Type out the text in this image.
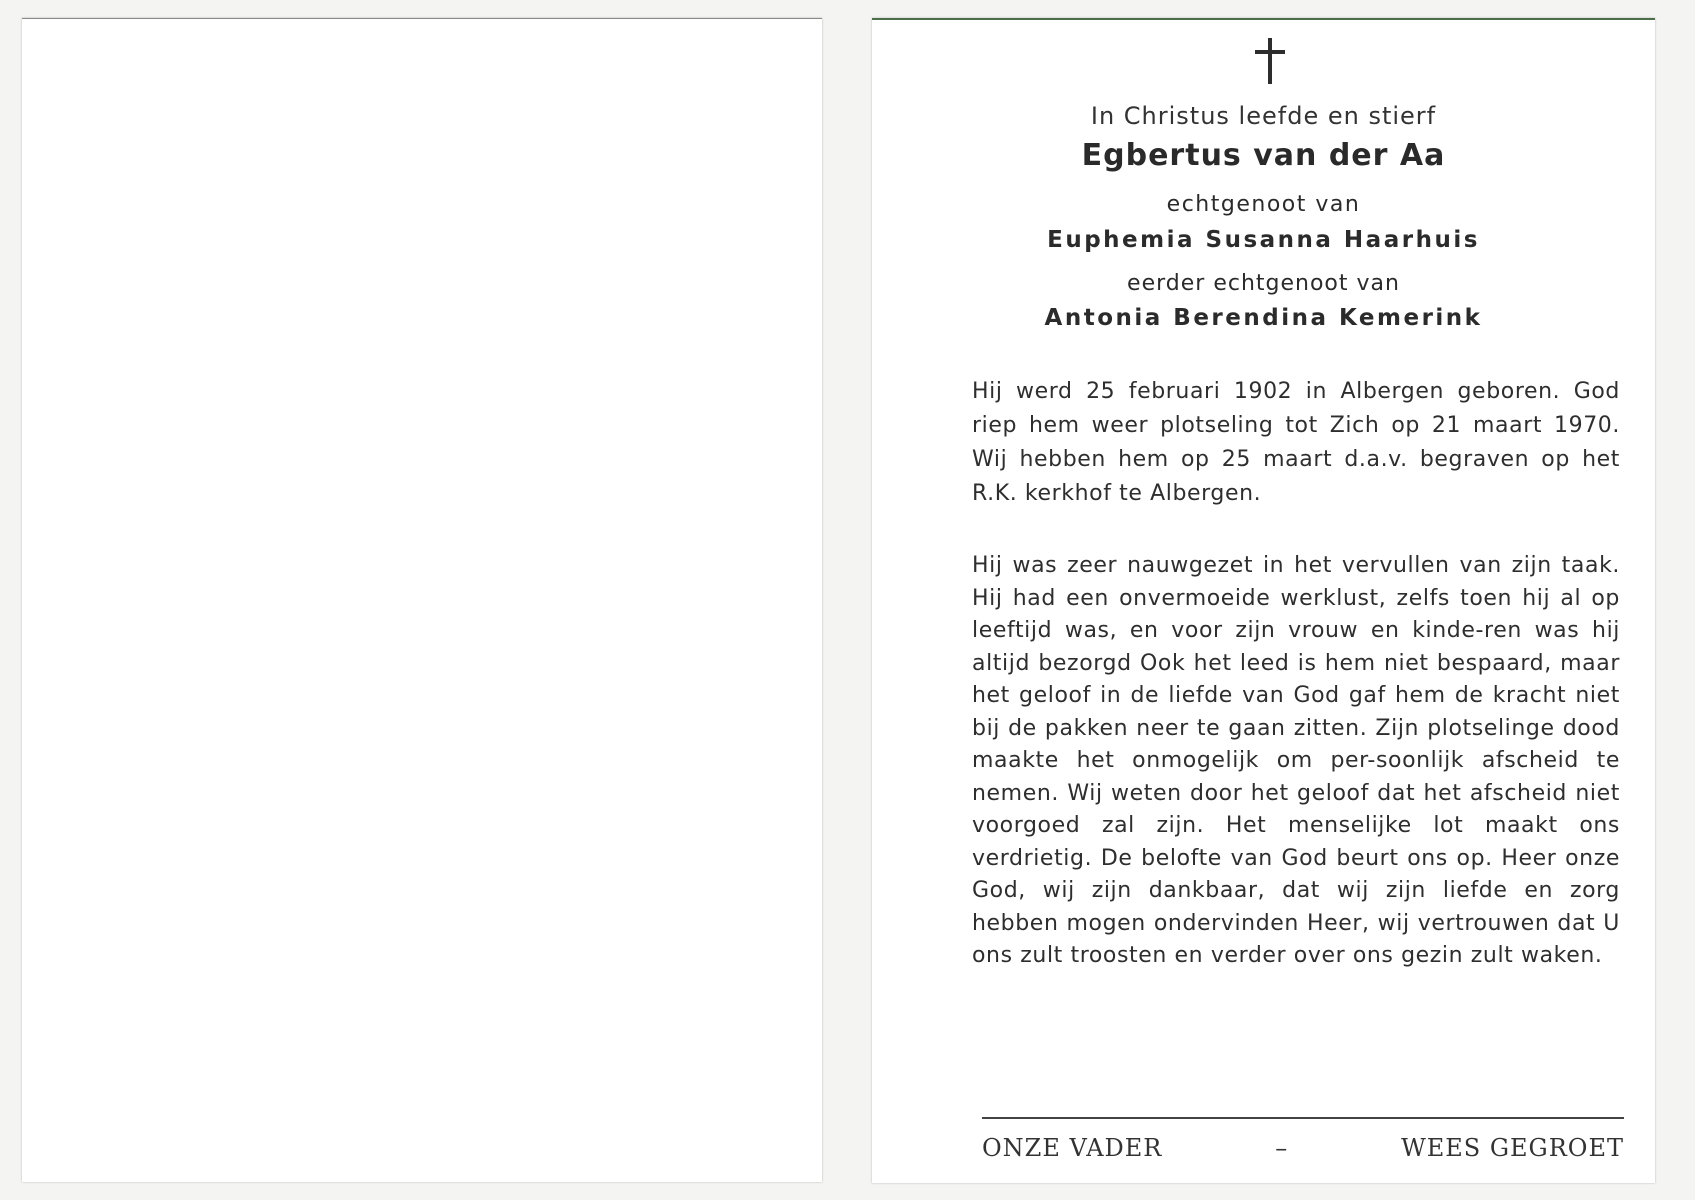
In Christus leefde en stierf
Egbertus van der Aa
echtgenoot van
Euphemia Susanna Haarhuis
eerder echtgenoot van
Antonia Berendina Kemerink
Hij werd 25 februari 1902 in Albergen geboren. God riep hem weer plotseling tot Zich op 21 maart 1970. Wij hebben hem op 25 maart d.a.v. begraven op het R.K. kerkhof te Albergen.
Hij was zeer nauwgezet in het vervullen van zijn taak. Hij had een onvermoeide werklust, zelfs toen hij al op leeftijd was, en voor zijn vrouw en kinde-ren was hij altijd bezorgd Ook het leed is hem niet bespaard, maar het geloof in de liefde van God gaf hem de kracht niet bij de pakken neer te gaan zitten. Zijn plotselinge dood maakte het onmogelijk om per-soonlijk afscheid te nemen. Wij weten door het geloof dat het afscheid niet voorgoed zal zijn. Het menselijke lot maakt ons verdrietig. De belofte van God beurt ons op. Heer onze God, wij zijn dankbaar, dat wij zijn liefde en zorg hebben mogen ondervinden Heer, wij vertrouwen dat U ons zult troosten en verder over ons gezin zult waken.
ONZE VADER	–	WEES GEGROET
